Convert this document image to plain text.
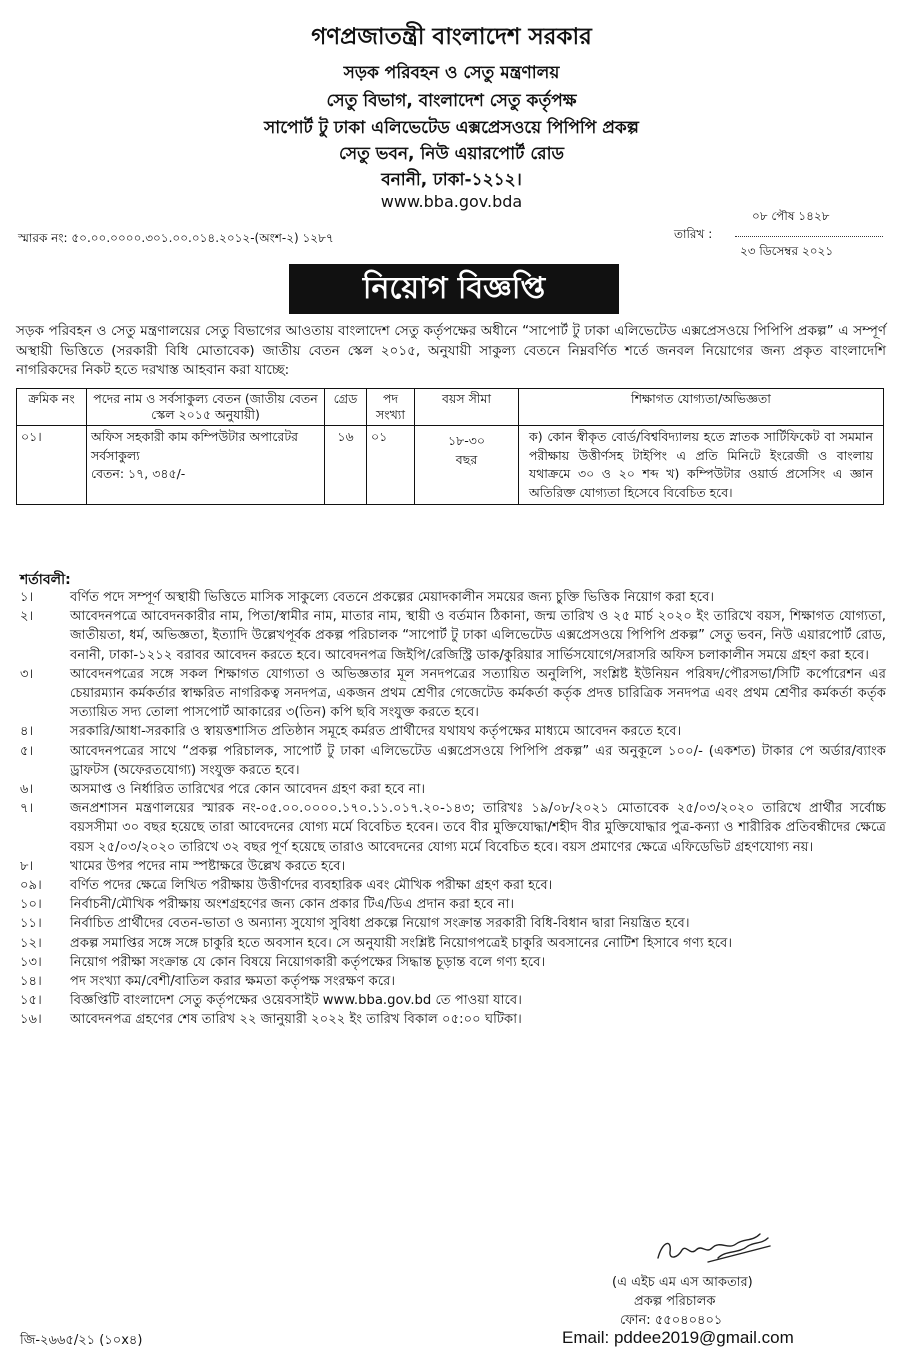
গণপ্রজাতন্ত্রী বাংলাদেশ সরকার
সড়ক পরিবহন ও সেতু মন্ত্রণালয়
সেতু বিভাগ, বাংলাদেশ সেতু কর্তৃপক্ষ
সাপোর্ট টু ঢাকা এলিভেটেড এক্সপ্রেসওয়ে পিপিপি প্রকল্প
সেতু ভবন, নিউ এয়ারপোর্ট রোড
বনানী, ঢাকা-১২১২।
www.bba.gov.bda
স্মারক নং: ৫০.০০.০০০০.৩০১.০০.০১৪.২০১২-(অংশ-২) ১২৮৭
০৮ পৌষ ১৪২৮
তারিখ :
২৩ ডিসেম্বর ২০২১
নিয়োগ বিজ্ঞপ্তি
সড়ক পরিবহন ও সেতু মন্ত্রণালয়ের সেতু বিভাগের আওতায় বাংলাদেশ সেতু কর্তৃপক্ষের অধীনে “সাপোর্ট টু ঢাকা এলিভেটেড এক্সপ্রেসওয়ে পিপিপি প্রকল্প” এ সম্পূর্ণ অস্থায়ী ভিত্তিতে (সরকারী বিধি মোতাবেক) জাতীয় বেতন স্কেল ২০১৫, অনুযায়ী সাকুল্য বেতনে নিম্নবর্ণিত শর্তে জনবল নিয়োগের জন্য প্রকৃত বাংলাদেশি নাগরিকদের নিকট হতে দরখাস্ত আহবান করা যাচ্ছে:
ক্রমিক নং	পদের নাম ও সর্বসাকুল্য বেতন (জাতীয় বেতন স্কেল ২০১৫ অনুযায়ী)	গ্রেড	পদ সংখ্যা	বয়স সীমা	শিক্ষাগত যোগ্যতা/অভিজ্ঞতা
০১।	অফিস সহকারী কাম কম্পিউটার অপারেটর সর্বসাকুল্য
বেতন: ১৭, ৩৪৫/-	১৬	০১	১৮-৩০ বছর	ক) কোন স্বীকৃত বোর্ড/বিশ্ববিদ্যালয় হতে স্নাতক সার্টিফিকেট বা সমমান পরীক্ষায় উত্তীর্ণসহ টাইপিং এ প্রতি মিনিটে ইংরেজী ও বাংলায় যথাক্রমে ৩০ ও ২০ শব্দ খ) কম্পিউটার ওয়ার্ড প্রসেসিং এ জ্ঞান অতিরিক্ত যোগ্যতা হিসেবে বিবেচিত হবে।
শর্তাবলী:
১।	বর্ণিত পদে সম্পূর্ণ অস্থায়ী ভিত্তিতে মাসিক সাকুল্যে বেতনে প্রকল্পের মেয়াদকালীন সময়ের জন্য চুক্তি ভিত্তিক নিয়োগ করা হবে।
২।	আবেদনপত্রে আবেদনকারীর নাম, পিতা/স্বামীর নাম, মাতার নাম, স্থায়ী ও বর্তমান ঠিকানা, জন্ম তারিখ ও ২৫ মার্চ ২০২০ ইং তারিখে বয়স, শিক্ষাগত যোগ্যতা, জাতীয়তা, ধর্ম, অভিজ্ঞতা, ইত্যাদি উল্লেখপূর্বক প্রকল্প পরিচালক “সাপোর্ট টু ঢাকা এলিভেটেড এক্সপ্রেসওয়ে পিপিপি প্রকল্প” সেতু ভবন, নিউ এয়ারপোর্ট রোড, বনানী, ঢাকা-১২১২ বরাবর আবেদন করতে হবে। আবেদনপত্র জিইপি/রেজিস্ট্রি ডাক/কুরিয়ার সার্ভিসযোগে/সরাসরি অফিস চলাকালীন সময়ে গ্রহণ করা হবে।
৩।	আবেদনপত্রের সঙ্গে সকল শিক্ষাগত যোগ্যতা ও অভিজ্ঞতার মূল সনদপত্রের সত্যায়িত অনুলিপি, সংশ্লিষ্ট ইউনিয়ন পরিষদ/পৌরসভা/সিটি কর্পোরেশন এর চেয়ারম্যান কর্মকর্তার স্বাক্ষরিত নাগরিকত্ব সনদপত্র, একজন প্রথম শ্রেণীর গেজেটেড কর্মকর্তা কর্তৃক প্রদত্ত চারিত্রিক সনদপত্র এবং প্রথম শ্রেণীর কর্মকর্তা কর্তৃক সত্যায়িত সদ্য তোলা পাসপোর্ট আকারের ৩(তিন) কপি ছবি সংযুক্ত করতে হবে।
৪।	সরকারি/আধা-সরকারি ও স্বায়ত্তশাসিত প্রতিষ্ঠান সমূহে কর্মরত প্রার্থীদের যথাযথ কর্তৃপক্ষের মাধ্যমে আবেদন করতে হবে।
৫।	আবেদনপত্রের সাথে “প্রকল্প পরিচালক, সাপোর্ট টু ঢাকা এলিভেটেড এক্সপ্রেসওয়ে পিপিপি প্রকল্প” এর অনুকূলে ১০০/- (একশত) টাকার পে অর্ডার/ব্যাংক ড্রাফটস (অফেরতযোগ্য) সংযুক্ত করতে হবে।
৬।	অসমাপ্ত ও নির্ধারিত তারিখের পরে কোন আবেদন গ্রহণ করা হবে না।
৭।	জনপ্রশাসন মন্ত্রণালয়ের স্মারক নং-০৫.০০.০০০০.১৭০.১১.০১৭.২০-১৪৩; তারিখঃ ১৯/০৮/২০২১ মোতাবেক ২৫/০৩/২০২০ তারিখে প্রার্থীর সর্বোচ্চ বয়সসীমা ৩০ বছর হয়েছে তারা আবেদনের যোগ্য মর্মে বিবেচিত হবেন। তবে বীর মুক্তিযোদ্ধা/শহীদ বীর মুক্তিযোদ্ধার পুত্র-কন্যা ও শারীরিক প্রতিবন্ধীদের ক্ষেত্রে বয়স ২৫/০৩/২০২০ তারিখে ৩২ বছর পূর্ণ হয়েছে তারাও আবেদনের যোগ্য মর্মে বিবেচিত হবে। বয়স প্রমাণের ক্ষেত্রে এফিডেভিট গ্রহণযোগ্য নয়।
৮।	খামের উপর পদের নাম স্পষ্টাক্ষরে উল্লেখ করতে হবে।
০৯।	বর্ণিত পদের ক্ষেত্রে লিখিত পরীক্ষায় উত্তীর্ণদের ব্যবহারিক এবং মৌখিক পরীক্ষা গ্রহণ করা হবে।
১০।	নির্বাচনী/মৌখিক পরীক্ষায় অংশগ্রহণের জন্য কোন প্রকার টিএ/ডিএ প্রদান করা হবে না।
১১।	নির্বাচিত প্রার্থীদের বেতন-ভাতা ও অন্যান্য সুযোগ সুবিধা প্রকল্পে নিয়োগ সংক্রান্ত সরকারী বিধি-বিধান দ্বারা নিয়ন্ত্রিত হবে।
১২।	প্রকল্প সমাপ্তির সঙ্গে সঙ্গে চাকুরি হতে অবসান হবে। সে অনুযায়ী সংশ্লিষ্ট নিয়োগপত্রেই চাকুরি অবসানের নোটিশ হিসাবে গণ্য হবে।
১৩।	নিয়োগ পরীক্ষা সংক্রান্ত যে কোন বিষয়ে নিয়োগকারী কর্তৃপক্ষের সিদ্ধান্ত চূড়ান্ত বলে গণ্য হবে।
১৪।	পদ সংখ্যা কম/বেশী/বাতিল করার ক্ষমতা কর্তৃপক্ষ সংরক্ষণ করে।
১৫।	বিজ্ঞপ্তিটি বাংলাদেশ সেতু কর্তৃপক্ষের ওয়েবসাইট www.bba.gov.bd তে পাওয়া যাবে।
১৬।	আবেদনপত্র গ্রহণের শেষ তারিখ ২২ জানুয়ারী ২০২২ ইং তারিখ বিকাল ০৫:০০ ঘটিকা।
(এ এইচ এম এস আকতার)
প্রকল্প পরিচালক
ফোন: ৫৫০৪০৪০১
জি-২৬৬৫/২১ (১০x৪)	Email: pddee2019@gmail.com
